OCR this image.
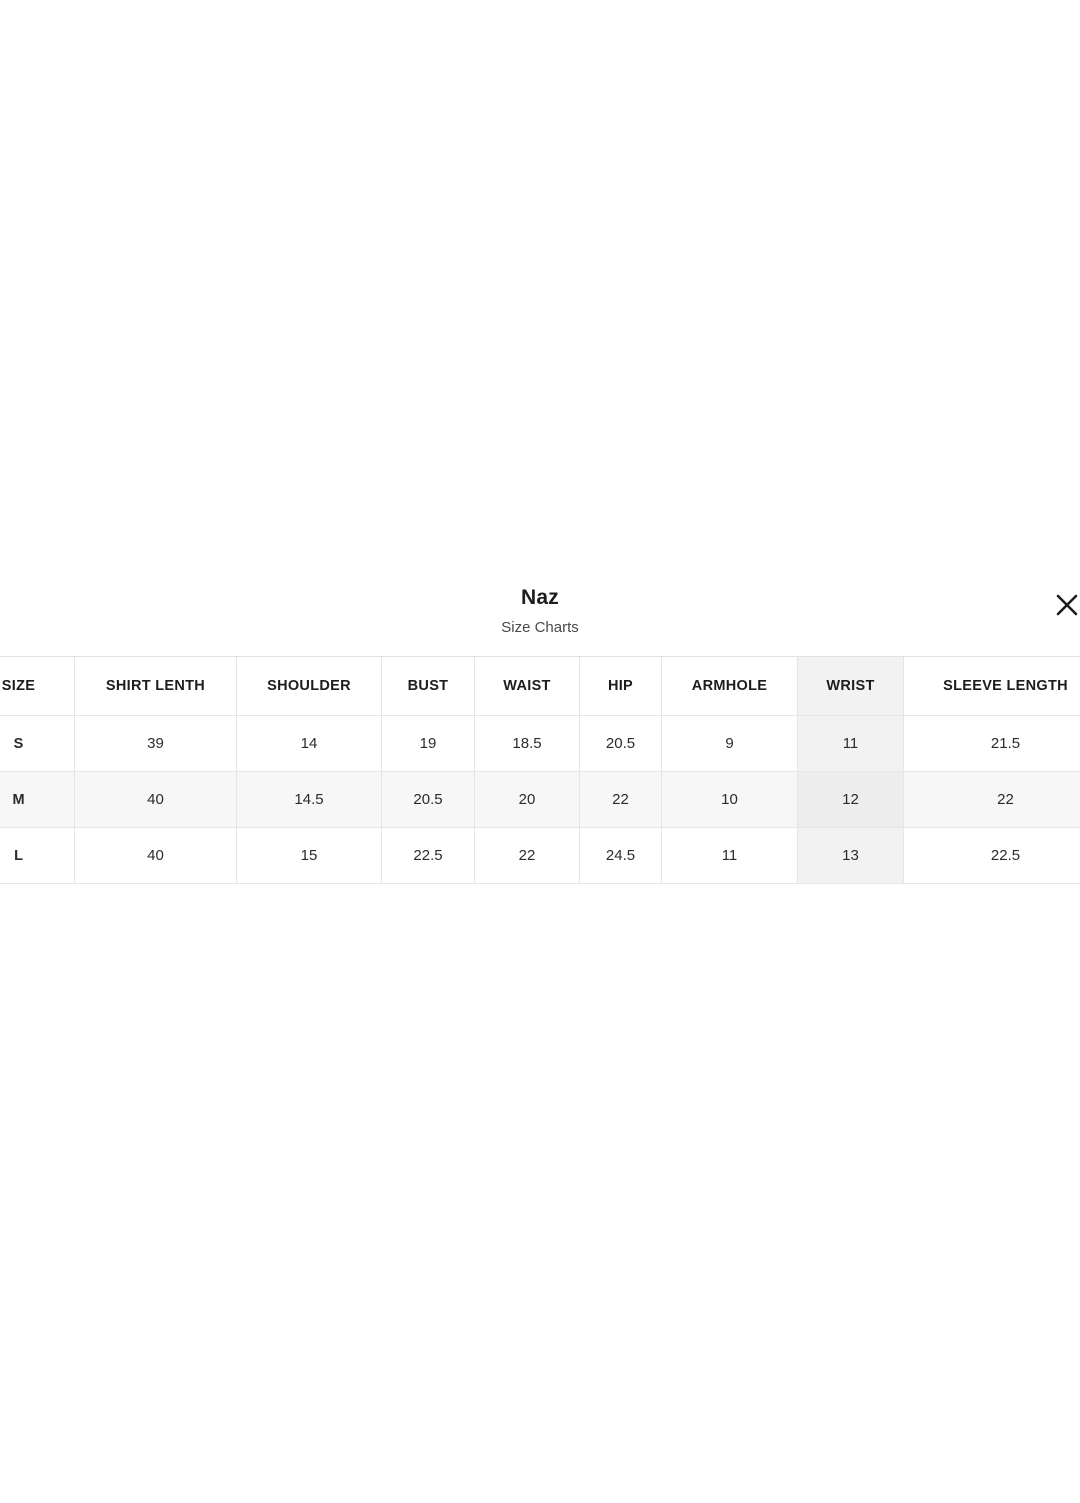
Naz
Size Charts
SIZE	SHIRT LENTH	SHOULDER	BUST	WAIST	HIP	ARMHOLE	WRIST	SLEEVE LENGTH
S	39	14	19	18.5	20.5	9	11	21.5
M	40	14.5	20.5	20	22	10	12	22
L	40	15	22.5	22	24.5	11	13	22.5
